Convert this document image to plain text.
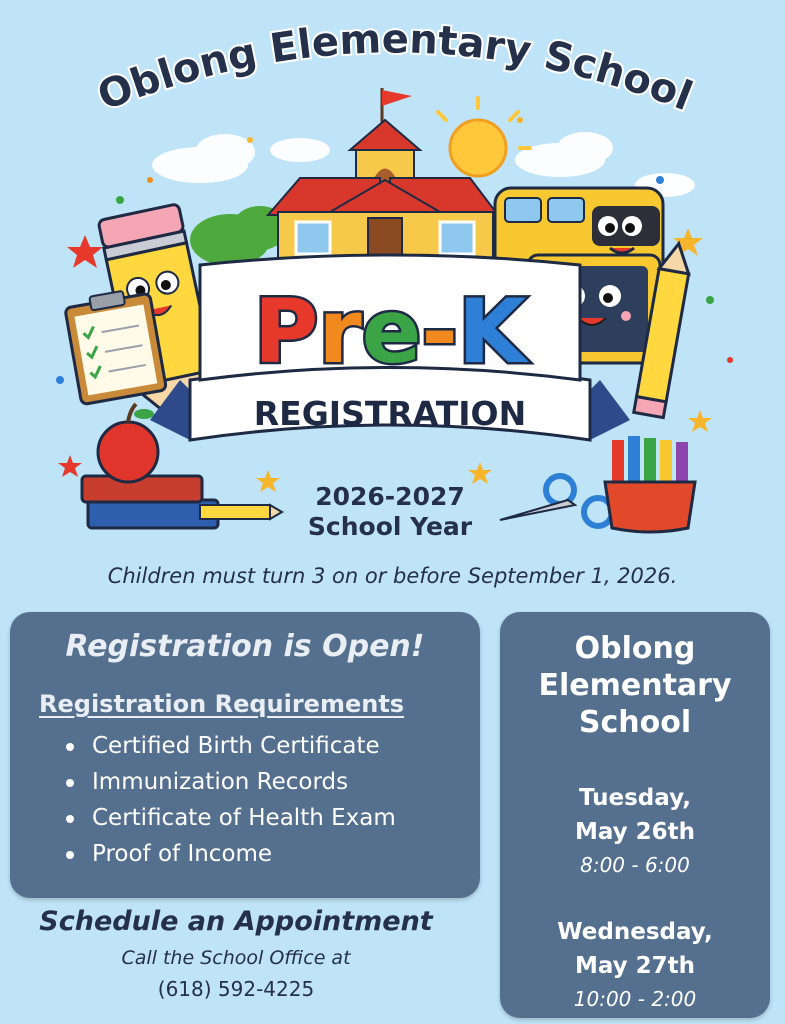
Oblong Elementary School
Pre-K
REGISTRATION
2026-2027
School Year
Children must turn 3 on or before September 1, 2026.
Registration is Open!
Registration Requirements
Certified Birth Certificate
Immunization Records
Certificate of Health Exam
Proof of Income
Schedule an Appointment
Call the School Office at
(618) 592-4225
Oblong
Elementary
School
Tuesday,
May 26th
8:00 - 6:00
Wednesday,
May 27th
10:00 - 2:00
